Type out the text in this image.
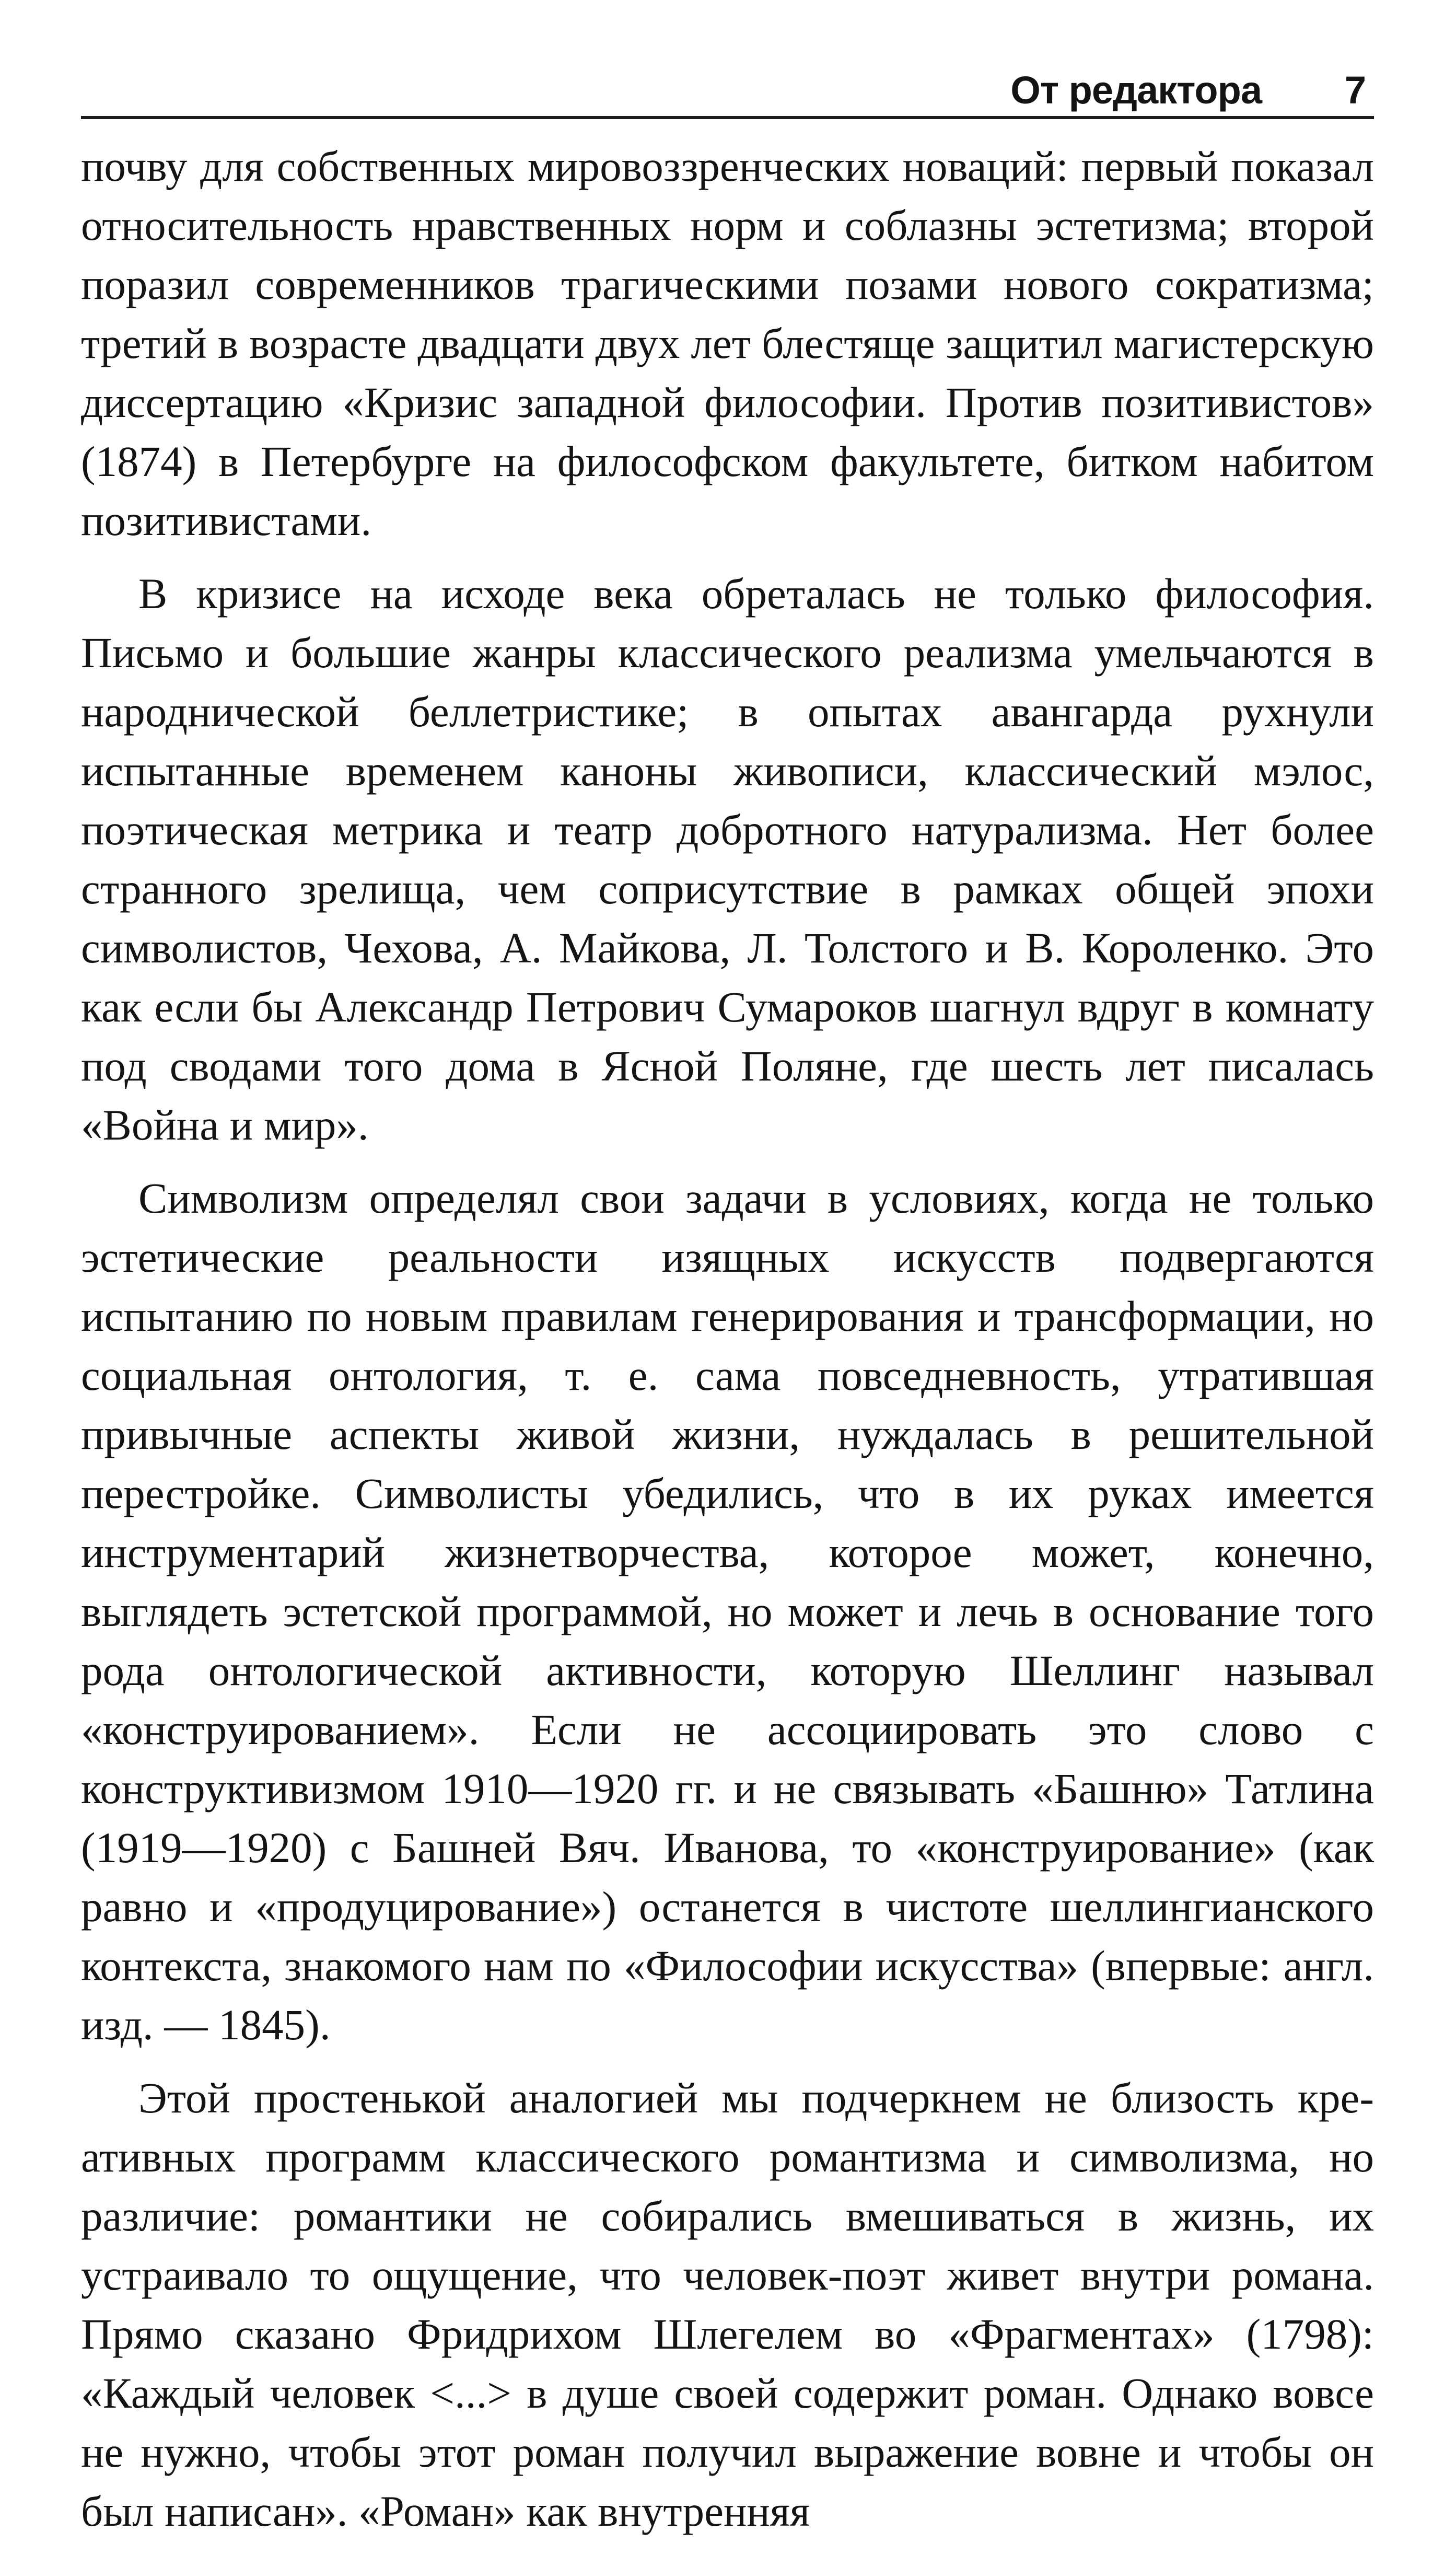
От редактора 7

почву для собственных мировоззренческих новаций: первый показал относительность нравственных норм и соблазны эстетизма; второй поразил современников трагическими позами нового сократизма; третий в возрасте двадцати двух лет блестяще защитил магистерскую диссертацию «Кризис западной философии. Против позитивистов» (1874) в Петербурге на философском факультете, битком набитом позитивистами.

В кризисе на исходе века обреталась не только философия. Письмо и большие жанры классического реализма умельчаются в народнической беллетристике; в опытах авангарда рухнули испытанные временем каноны живописи, классический мэлос, поэтическая метрика и театр добротного натурализма. Нет более странного зрелища, чем соприсутствие в рамках общей эпохи символистов, Чехова, А. Майкова, Л. Толстого и В. Короленко. Это как если бы Александр Петрович Сумароков шагнул вдруг в комнату под сводами того дома в Ясной Поляне, где шесть лет писалась «Война и мир».

Символизм определял свои задачи в условиях, когда не только эстетические реальности изящных искусств подвергаются испытанию по новым правилам генерирования и трансформации, но социальная онтология, т. е. сама повседневность, утратившая привычные аспекты живой жизни, нуждалась в решительной перестройке. Символисты убедились, что в их руках имеется инструментарий жизнетворчества, которое может, конечно, выглядеть эстетской программой, но может и лечь в основание того рода онтологической активности, которую Шеллинг называл «конструированием». Если не ассоциировать это слово с конструктивизмом 1910—1920 гг. и не связывать «Башню» Татлина (1919—1920) с Башней Вяч. Иванова, то «конструирование» (как равно и «продуцирование») останется в чистоте шеллингианского контекста, знакомого нам по «Философии искусства» (впервые: англ. изд. — 1845).

Этой простенькой аналогией мы подчеркнем не близость креативных программ классического романтизма и символизма, но различие: романтики не собирались вмешиваться в жизнь, их устраивало то ощущение, что человек-поэт живет внутри романа. Прямо сказано Фридрихом Шлегелем во «Фрагментах» (1798): «Каждый человек <...> в душе своей содержит роман. Однако вовсе не нужно, чтобы этот роман получил выражение вовне и чтобы он был написан». «Роман» как внутренняя
